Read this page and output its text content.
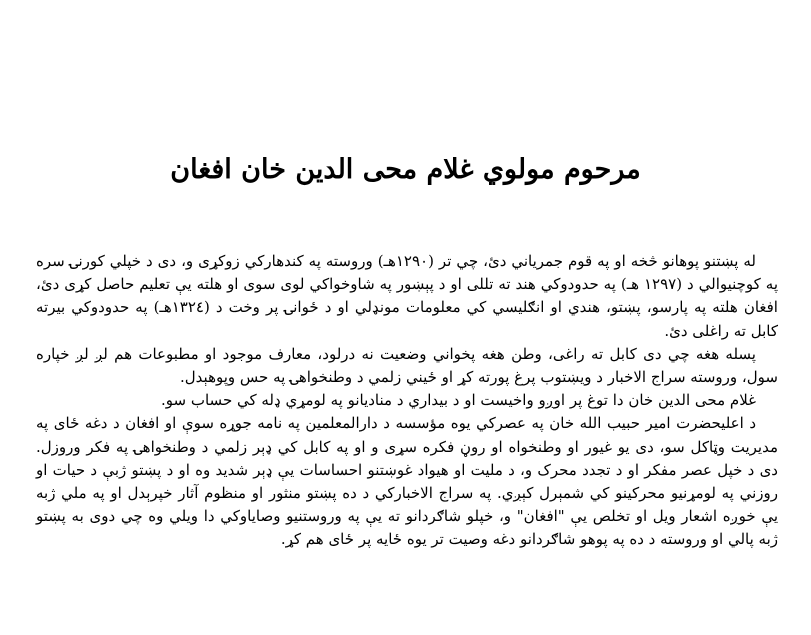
مرحوم مولوي غلام محی الدین خان افغان

له پښتنو پوهانو څخه او په قوم جمریاني دئ، چي تر (۱۲۹۰هـ) وروسته په کندهارکي زوکړی و، دی د خپلي کورنۍ سره په کوچنیوالي د (۱۲۹۷ هـ) په حدودوکي هند ته تللی او د پېښور په شاوخواکي لوی سوی او هلته یې تعلیم حاصل کړی دئ، افغان هلته په پارسو، پښتو، هندي او انګلیسي کي معلومات مونډلي او د ځوانۍ پر وخت د (۱۳۲٤هـ) په حدودوکي بیرته کابل ته راغلی دئ.

پسله هغه چي دی کابل ته راغی، وطن هغه پخواني وضعیت نه درلود، معارف موجود او مطبوعات هم لږ لږ خپاره سول، وروسته سراج الاخبار د ویښتوب پرغ پورته کړ او ځیني زلمي د وطنخواهۍ په حس وپوهېدل.

غلام محی الدین خان دا توغ پر اوږو واخیست او د بیداري د منادیانو په لومړي ډله کي حساب سو.

د اعلیحضرت امیر حبیب الله خان په عصرکي یوه مؤسسه د دارالمعلمین په نامه جوړه سوې او افغان د دغه ځای په مدیریت وټاکل سو، دی یو غیور او وطنخواه او روڼ فکره سړی و او په کابل کي ډېر زلمي د وطنخواهۍ په فکر وروزل. دی د خپل عصر مفکر او د تجدد محرک و، د ملیت او هیواد غوښتنو احساسات یې ډېر شدید وه او د پښتو ژبې د حیات او روزني په لومړنیو محرکینو کي شمېرل کېږي. په سراج الاخبارکي د ده پښتو منثور او منظوم آثار خپرېدل او په ملي ژبه یې خوږه اشعار ویل او تخلص یې "افغان" و، خپلو شاګردانو ته یې په وروستنیو وصایاوکي دا ویلي وه چي دوی به پښتو ژبه پالي او وروسته د ده په پوهو شاګردانو دغه وصیت تر یوه ځایه پر ځای هم کړ.
